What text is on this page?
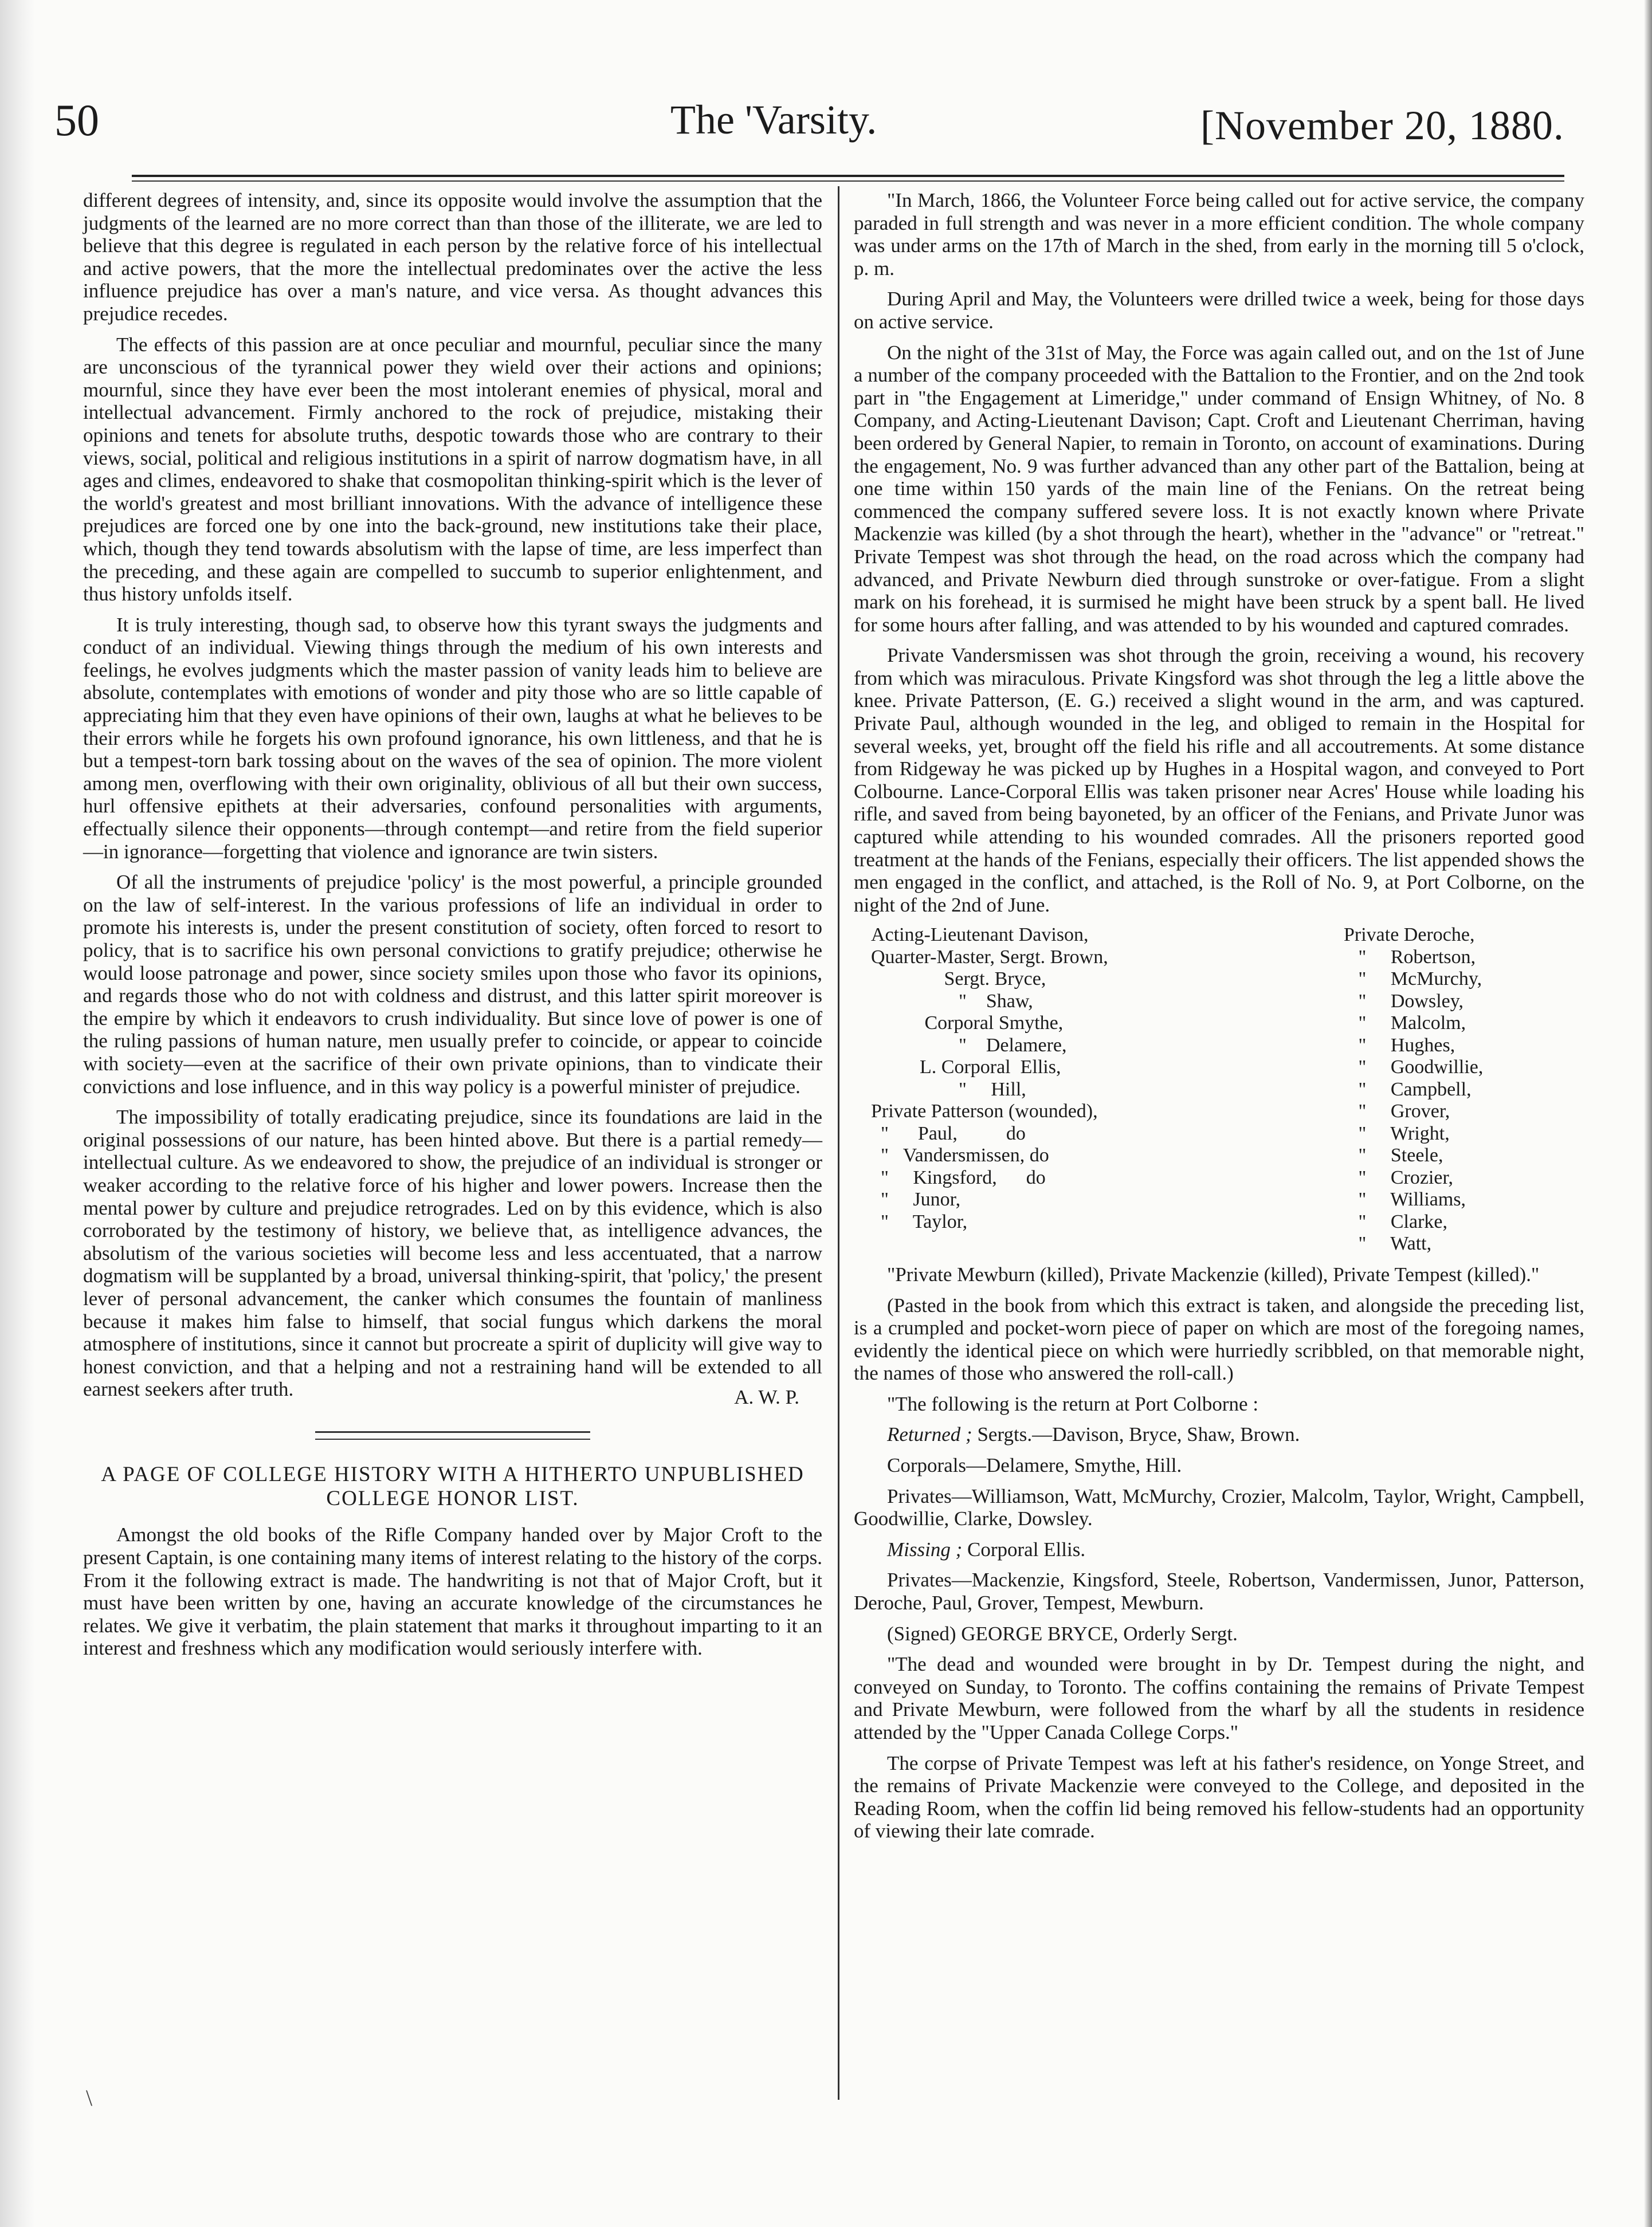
50	The 'Varsity.	[November 20, 1880.

different degrees of intensity, and, since its opposite would involve the assumption that the judgments of the learned are no more correct than than those of the illiterate, we are led to believe that this degree is regulated in each person by the relative force of his intellectual and active powers, that the more the intellectual predominates over the active the less influence prejudice has over a man's nature, and vice versa. As thought advances this prejudice recedes.

The effects of this passion are at once peculiar and mournful, peculiar since the many are unconscious of the tyrannical power they wield over their actions and opinions; mournful, since they have ever been the most intolerant enemies of physical, moral and intellectual advancement. Firmly anchored to the rock of prejudice, mistaking their opinions and tenets for absolute truths, despotic towards those who are contrary to their views, social, political and religious institutions in a spirit of narrow dogmatism have, in all ages and climes, endeavored to shake that cosmopolitan thinking-spirit which is the lever of the world's greatest and most brilliant innovations. With the advance of intelligence these prejudices are forced one by one into the back-ground, new institutions take their place, which, though they tend towards absolutism with the lapse of time, are less imperfect than the preceding, and these again are compelled to succumb to superior enlightenment, and thus history unfolds itself.

It is truly interesting, though sad, to observe how this tyrant sways the judgments and conduct of an individual. Viewing things through the medium of his own interests and feelings, he evolves judgments which the master passion of vanity leads him to believe are absolute, contemplates with emotions of wonder and pity those who are so little capable of appreciating him that they even have opinions of their own, laughs at what he believes to be their errors while he forgets his own profound ignorance, his own littleness, and that he is but a tempest-torn bark tossing about on the waves of the sea of opinion. The more violent among men, overflowing with their own originality, oblivious of all but their own success, hurl offensive epithets at their adversaries, confound personalities with arguments, effectually silence their opponents—through contempt—and retire from the field superior—in ignorance—forgetting that violence and ignorance are twin sisters.

Of all the instruments of prejudice 'policy' is the most powerful, a principle grounded on the law of self-interest. In the various professions of life an individual in order to promote his interests is, under the present constitution of society, often forced to resort to policy, that is to sacrifice his own personal convictions to gratify prejudice; otherwise he would loose patronage and power, since society smiles upon those who favor its opinions, and regards those who do not with coldness and distrust, and this latter spirit moreover is the empire by which it endeavors to crush individuality. But since love of power is one of the ruling passions of human nature, men usually prefer to coincide, or appear to coincide with society—even at the sacrifice of their own private opinions, than to vindicate their convictions and lose influence, and in this way policy is a powerful minister of prejudice.

The impossibility of totally eradicating prejudice, since its foundations are laid in the original possessions of our nature, has been hinted above. But there is a partial remedy—intellectual culture. As we endeavored to show, the prejudice of an individual is stronger or weaker according to the relative force of his higher and lower powers. Increase then the mental power by culture and prejudice retrogrades. Led on by this evidence, which is also corroborated by the testimony of history, we believe that, as intelligence advances, the absolutism of the various societies will become less and less accentuated, that a narrow dogmatism will be supplanted by a broad, universal thinking-spirit, that 'policy,' the present lever of personal advancement, the canker which consumes the fountain of manliness because it makes him false to himself, that social fungus which darkens the moral atmosphere of institutions, since it cannot but procreate a spirit of duplicity will give way to honest conviction, and that a helping and not a restraining hand will be extended to all earnest seekers after truth.	A. W. P.
A PAGE OF COLLEGE HISTORY WITH A HITHERTO UNPUBLISHED COLLEGE HONOR LIST.

Amongst the old books of the Rifle Company handed over by Major Croft to the present Captain, is one containing many items of interest relating to the history of the corps. From it the following extract is made. The handwriting is not that of Major Croft, but it must have been written by one, having an accurate knowledge of the circumstances he relates. We give it verbatim, the plain statement that marks it throughout imparting to it an interest and freshness which any modification would seriously interfere with.

\

"In March, 1866, the Volunteer Force being called out for active service, the company paraded in full strength and was never in a more efficient condition. The whole company was under arms on the 17th of March in the shed, from early in the morning till 5 o'clock, p. m.

During April and May, the Volunteers were drilled twice a week, being for those days on active service.

On the night of the 31st of May, the Force was again called out, and on the 1st of June a number of the company proceeded with the Battalion to the Frontier, and on the 2nd took part in "the Engagement at Limeridge," under command of Ensign Whitney, of No. 8 Company, and Acting-Lieutenant Davison; Capt. Croft and Lieutenant Cherriman, having been ordered by General Napier, to remain in Toronto, on account of examinations. During the engagement, No. 9 was further advanced than any other part of the Battalion, being at one time within 150 yards of the main line of the Fenians. On the retreat being commenced the company suffered severe loss. It is not exactly known where Private Mackenzie was killed (by a shot through the heart), whether in the "advance" or "retreat." Private Tempest was shot through the head, on the road across which the company had advanced, and Private Newburn died through sunstroke or over-fatigue. From a slight mark on his forehead, it is surmised he might have been struck by a spent ball. He lived for some hours after falling, and was attended to by his wounded and captured comrades.

Private Vandersmissen was shot through the groin, receiving a wound, his recovery from which was miraculous. Private Kingsford was shot through the leg a little above the knee. Private Patterson, (E. G.) received a slight wound in the arm, and was captured. Private Paul, although wounded in the leg, and obliged to remain in the Hospital for several weeks, yet, brought off the field his rifle and all accoutrements. At some distance from Ridgeway he was picked up by Hughes in a Hospital wagon, and conveyed to Port Colbourne. Lance-Corporal Ellis was taken prisoner near Acres' House while loading his rifle, and saved from being bayoneted, by an officer of the Fenians, and Private Junor was captured while attending to his wounded comrades. All the prisoners reported good treatment at the hands of the Fenians, especially their officers. The list appended shows the men engaged in the conflict, and attached, is the Roll of No. 9, at Port Colborne, on the night of the 2nd of June.

Acting-Lieutenant Davison,
Quarter-Master, Sergt. Brown,
Sergt. Bryce,
"    Shaw,
Corporal Smythe,
"    Delamere,
L. Corporal  Ellis,
"     Hill,
Private Patterson (wounded),
"      Paul,          do
"   Vandersmissen, do
"     Kingsford,      do
"     Junor,
"     Taylor,
Private Deroche,
"     Robertson,
"     McMurchy,
"     Dowsley,
"     Malcolm,
"     Hughes,
"     Goodwillie,
"     Campbell,
"     Grover,
"     Wright,
"     Steele,
"     Crozier,
"     Williams,
"     Clarke,
"     Watt,

"Private Mewburn (killed), Private Mackenzie (killed), Private Tempest (killed)."

(Pasted in the book from which this extract is taken, and alongside the preceding list, is a crumpled and pocket-worn piece of paper on which are most of the foregoing names, evidently the identical piece on which were hurriedly scribbled, on that memorable night, the names of those who answered the roll-call.)

"The following is the return at Port Colborne :

Returned ; Sergts.—Davison, Bryce, Shaw, Brown.

Corporals—Delamere, Smythe, Hill.

Privates—Williamson, Watt, McMurchy, Crozier, Malcolm, Taylor, Wright, Campbell, Goodwillie, Clarke, Dowsley.

Missing ; Corporal Ellis.

Privates—Mackenzie, Kingsford, Steele, Robertson, Vandermissen, Junor, Patterson, Deroche, Paul, Grover, Tempest, Mewburn.

(Signed) GEORGE BRYCE, Orderly Sergt.

"The dead and wounded were brought in by Dr. Tempest during the night, and conveyed on Sunday, to Toronto. The coffins containing the remains of Private Tempest and Private Mewburn, were followed from the wharf by all the students in residence attended by the "Upper Canada College Corps."

The corpse of Private Tempest was left at his father's residence, on Yonge Street, and the remains of Private Mackenzie were conveyed to the College, and deposited in the Reading Room, when the coffin lid being removed his fellow-students had an opportunity of viewing their late comrade.
